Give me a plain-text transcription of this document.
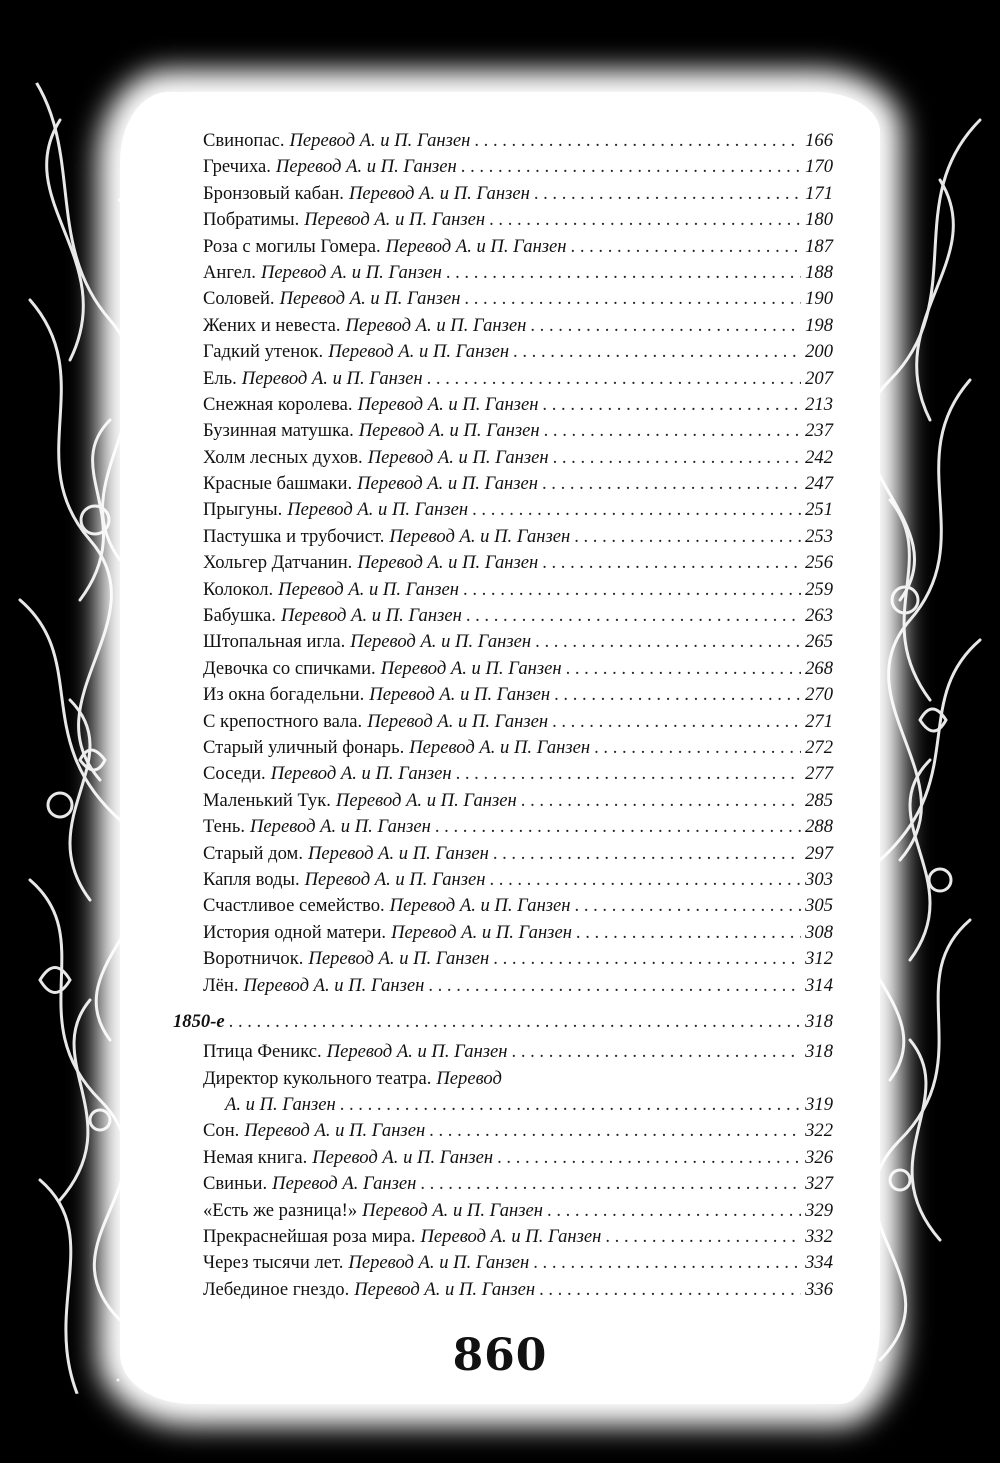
Свинопас. Перевод А. и П. Ганзен . . .	166
Гречиха. Перевод А. и П. Ганзен . . .	170
Бронзовый кабан. Перевод А. и П. Ганзен . . .	171
Побратимы. Перевод А. и П. Ганзен . . .	180
Роза с могилы Гомера. Перевод А. и П. Ганзен . . .	187
Ангел. Перевод А. и П. Ганзен . . .	188
Соловей. Перевод А. и П. Ганзен . . .	190
Жених и невеста. Перевод А. и П. Ганзен . . .	198
Гадкий утенок. Перевод А. и П. Ганзен . . .	200
Ель. Перевод А. и П. Ганзен . . .	207
Снежная королева. Перевод А. и П. Ганзен . . .	213
Бузинная матушка. Перевод А. и П. Ганзен . . .	237
Холм лесных духов. Перевод А. и П. Ганзен . . .	242
Красные башмаки. Перевод А. и П. Ганзен . . .	247
Прыгуны. Перевод А. и П. Ганзен . . .	251
Пастушка и трубочист. Перевод А. и П. Ганзен . . .	253
Хольгер Датчанин. Перевод А. и П. Ганзен . . .	256
Колокол. Перевод А. и П. Ганзен . . .	259
Бабушка. Перевод А. и П. Ганзен . . .	263
Штопальная игла. Перевод А. и П. Ганзен . . .	265
Девочка со спичками. Перевод А. и П. Ганзен . . .	268
Из окна богадельни. Перевод А. и П. Ганзен . . .	270
С крепостного вала. Перевод А. и П. Ганзен . . .	271
Старый уличный фонарь. Перевод А. и П. Ганзен . . .	272
Соседи. Перевод А. и П. Ганзен . . .	277
Маленький Тук. Перевод А. и П. Ганзен . . .	285
Тень. Перевод А. и П. Ганзен . . .	288
Старый дом. Перевод А. и П. Ганзен . . .	297
Капля воды. Перевод А. и П. Ганзен . . .	303
Счастливое семейство. Перевод А. и П. Ганзен . . .	305
История одной матери. Перевод А. и П. Ганзен . . .	308
Воротничок. Перевод А. и П. Ганзен . . .	312
Лён. Перевод А. и П. Ганзен . . .	314
1850-е . . .	318
Птица Феникс. Перевод А. и П. Ганзен . . .	318
Директор кукольного театра. Перевод
А. и П. Ганзен . . .	319
Сон. Перевод А. и П. Ганзен . . .	322
Немая книга. Перевод А. и П. Ганзен . . .	326
Свиньи. Перевод А. Ганзен . . .	327
«Есть же разница!» Перевод А. и П. Ганзен . . .	329
Прекраснейшая роза мира. Перевод А. и П. Ганзен . . .	332
Через тысячи лет. Перевод А. и П. Ганзен . . .	334
Лебединое гнездо. Перевод А. и П. Ганзен . . .	336
860
